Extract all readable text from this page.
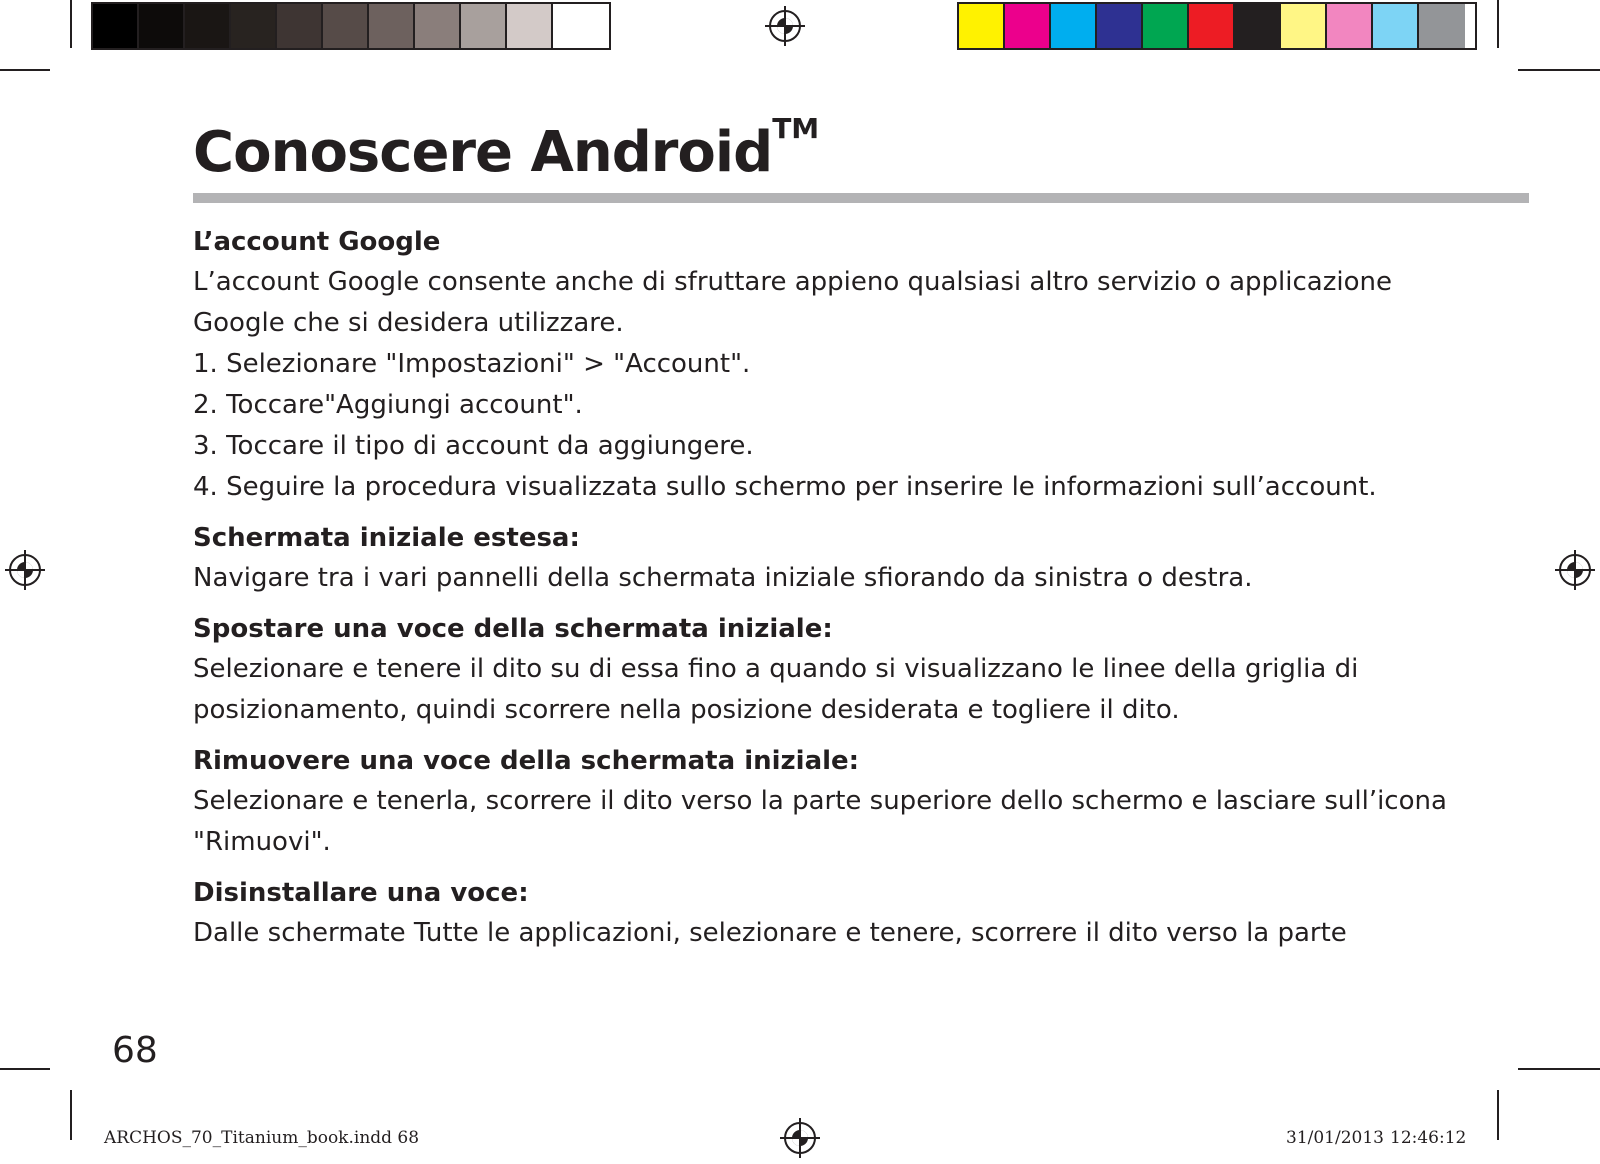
Conoscere Android™
L’account Google
L’account Google consente anche di sfruttare appieno qualsiasi altro servizio o applicazione
Google che si desidera utilizzare.
1. Selezionare "Impostazioni" > "Account".
2. Toccare"Aggiungi account".
3. Toccare il tipo di account da aggiungere.
4. Seguire la procedura visualizzata sullo schermo per inserire le informazioni sull’account.
Schermata iniziale estesa:
Navigare tra i vari pannelli della schermata iniziale sfiorando da sinistra o destra.
Spostare una voce della schermata iniziale:
Selezionare e tenere il dito su di essa fino a quando si visualizzano le linee della griglia di
posizionamento, quindi scorrere nella posizione desiderata e togliere il dito.
Rimuovere una voce della schermata iniziale:
Selezionare e tenerla, scorrere il dito verso la parte superiore dello schermo e lasciare sull’icona
"Rimuovi".
Disinstallare una voce:
Dalle schermate Tutte le applicazioni, selezionare e tenere, scorrere il dito verso la parte
68
ARCHOS_70_Titanium_book.indd 68	31/01/2013 12:46:12
